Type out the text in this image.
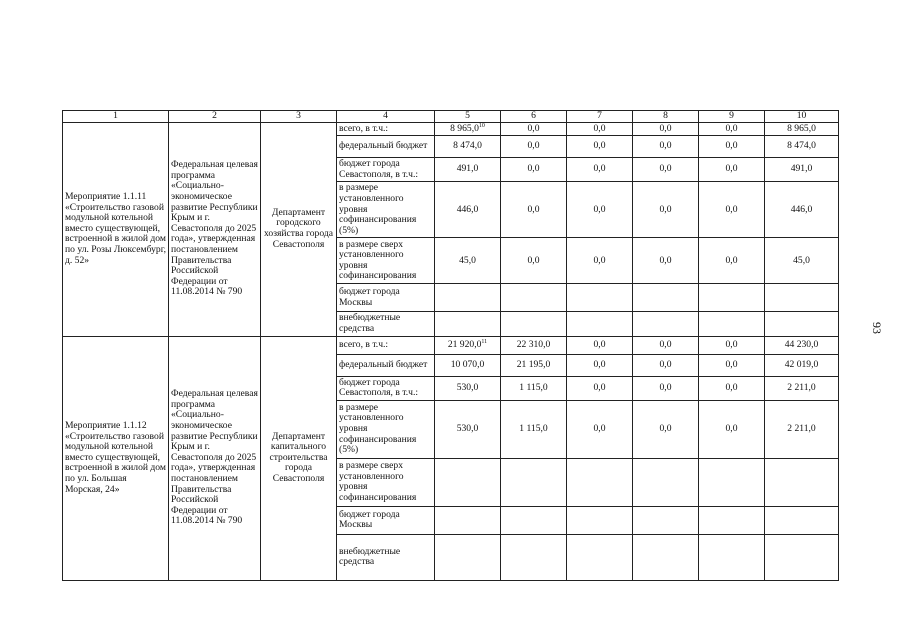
1	2	3	4	5	6	7	8	9	10
Мероприятие 1.1.11 «Строительство газовой модульной котельной вместо существующей, встроенной в жилой дом по ул. Розы Люксембург, д. 52»	Федеральная целевая программа «Социально-экономическое развитие Республики Крым и г. Севастополя до 2025 года», утвержденная постановлением Правительства Российской Федерации от 11.08.2014 № 790	Департамент городского хозяйства города Севастополя	всего, в т.ч.:	8 965,0$^{10}$	0,0	0,0	0,0	0,0	8 965,0
			федеральный бюджет	8 474,0	0,0	0,0	0,0	0,0	8 474,0
			бюджет города Севастополя, в т.ч.:	491,0	0,0	0,0	0,0	0,0	491,0
			в размере установленного уровня софинансирования (5%)	446,0	0,0	0,0	0,0	0,0	446,0
			в размере сверх установленного уровня софинансирования	45,0	0,0	0,0	0,0	0,0	45,0
			бюджет города Москвы						
			внебюджетные средства						
Мероприятие 1.1.12 «Строительство газовой модульной котельной вместо существующей, встроенной в жилой дом по ул. Большая Морская, 24»	Федеральная целевая программа «Социально-экономическое развитие Республики Крым и г. Севастополя до 2025 года», утвержденная постановлением Правительства Российской Федерации от 11.08.2014 № 790	Департамент капитального строительства города Севастополя	всего, в т.ч.:	21 920,0$^{11}$	22 310,0	0,0	0,0	0,0	44 230,0
			федеральный бюджет	10 070,0	21 195,0	0,0	0,0	0,0	42 019,0
			бюджет города Севастополя, в т.ч.:	530,0	1 115,0	0,0	0,0	0,0	2 211,0
			в размере установленного уровня софинансирования (5%)	530,0	1 115,0	0,0	0,0	0,0	2 211,0
			в размере сверх установленного уровня софинансирования						
			бюджет города Москвы						
			внебюджетные средства						
93
